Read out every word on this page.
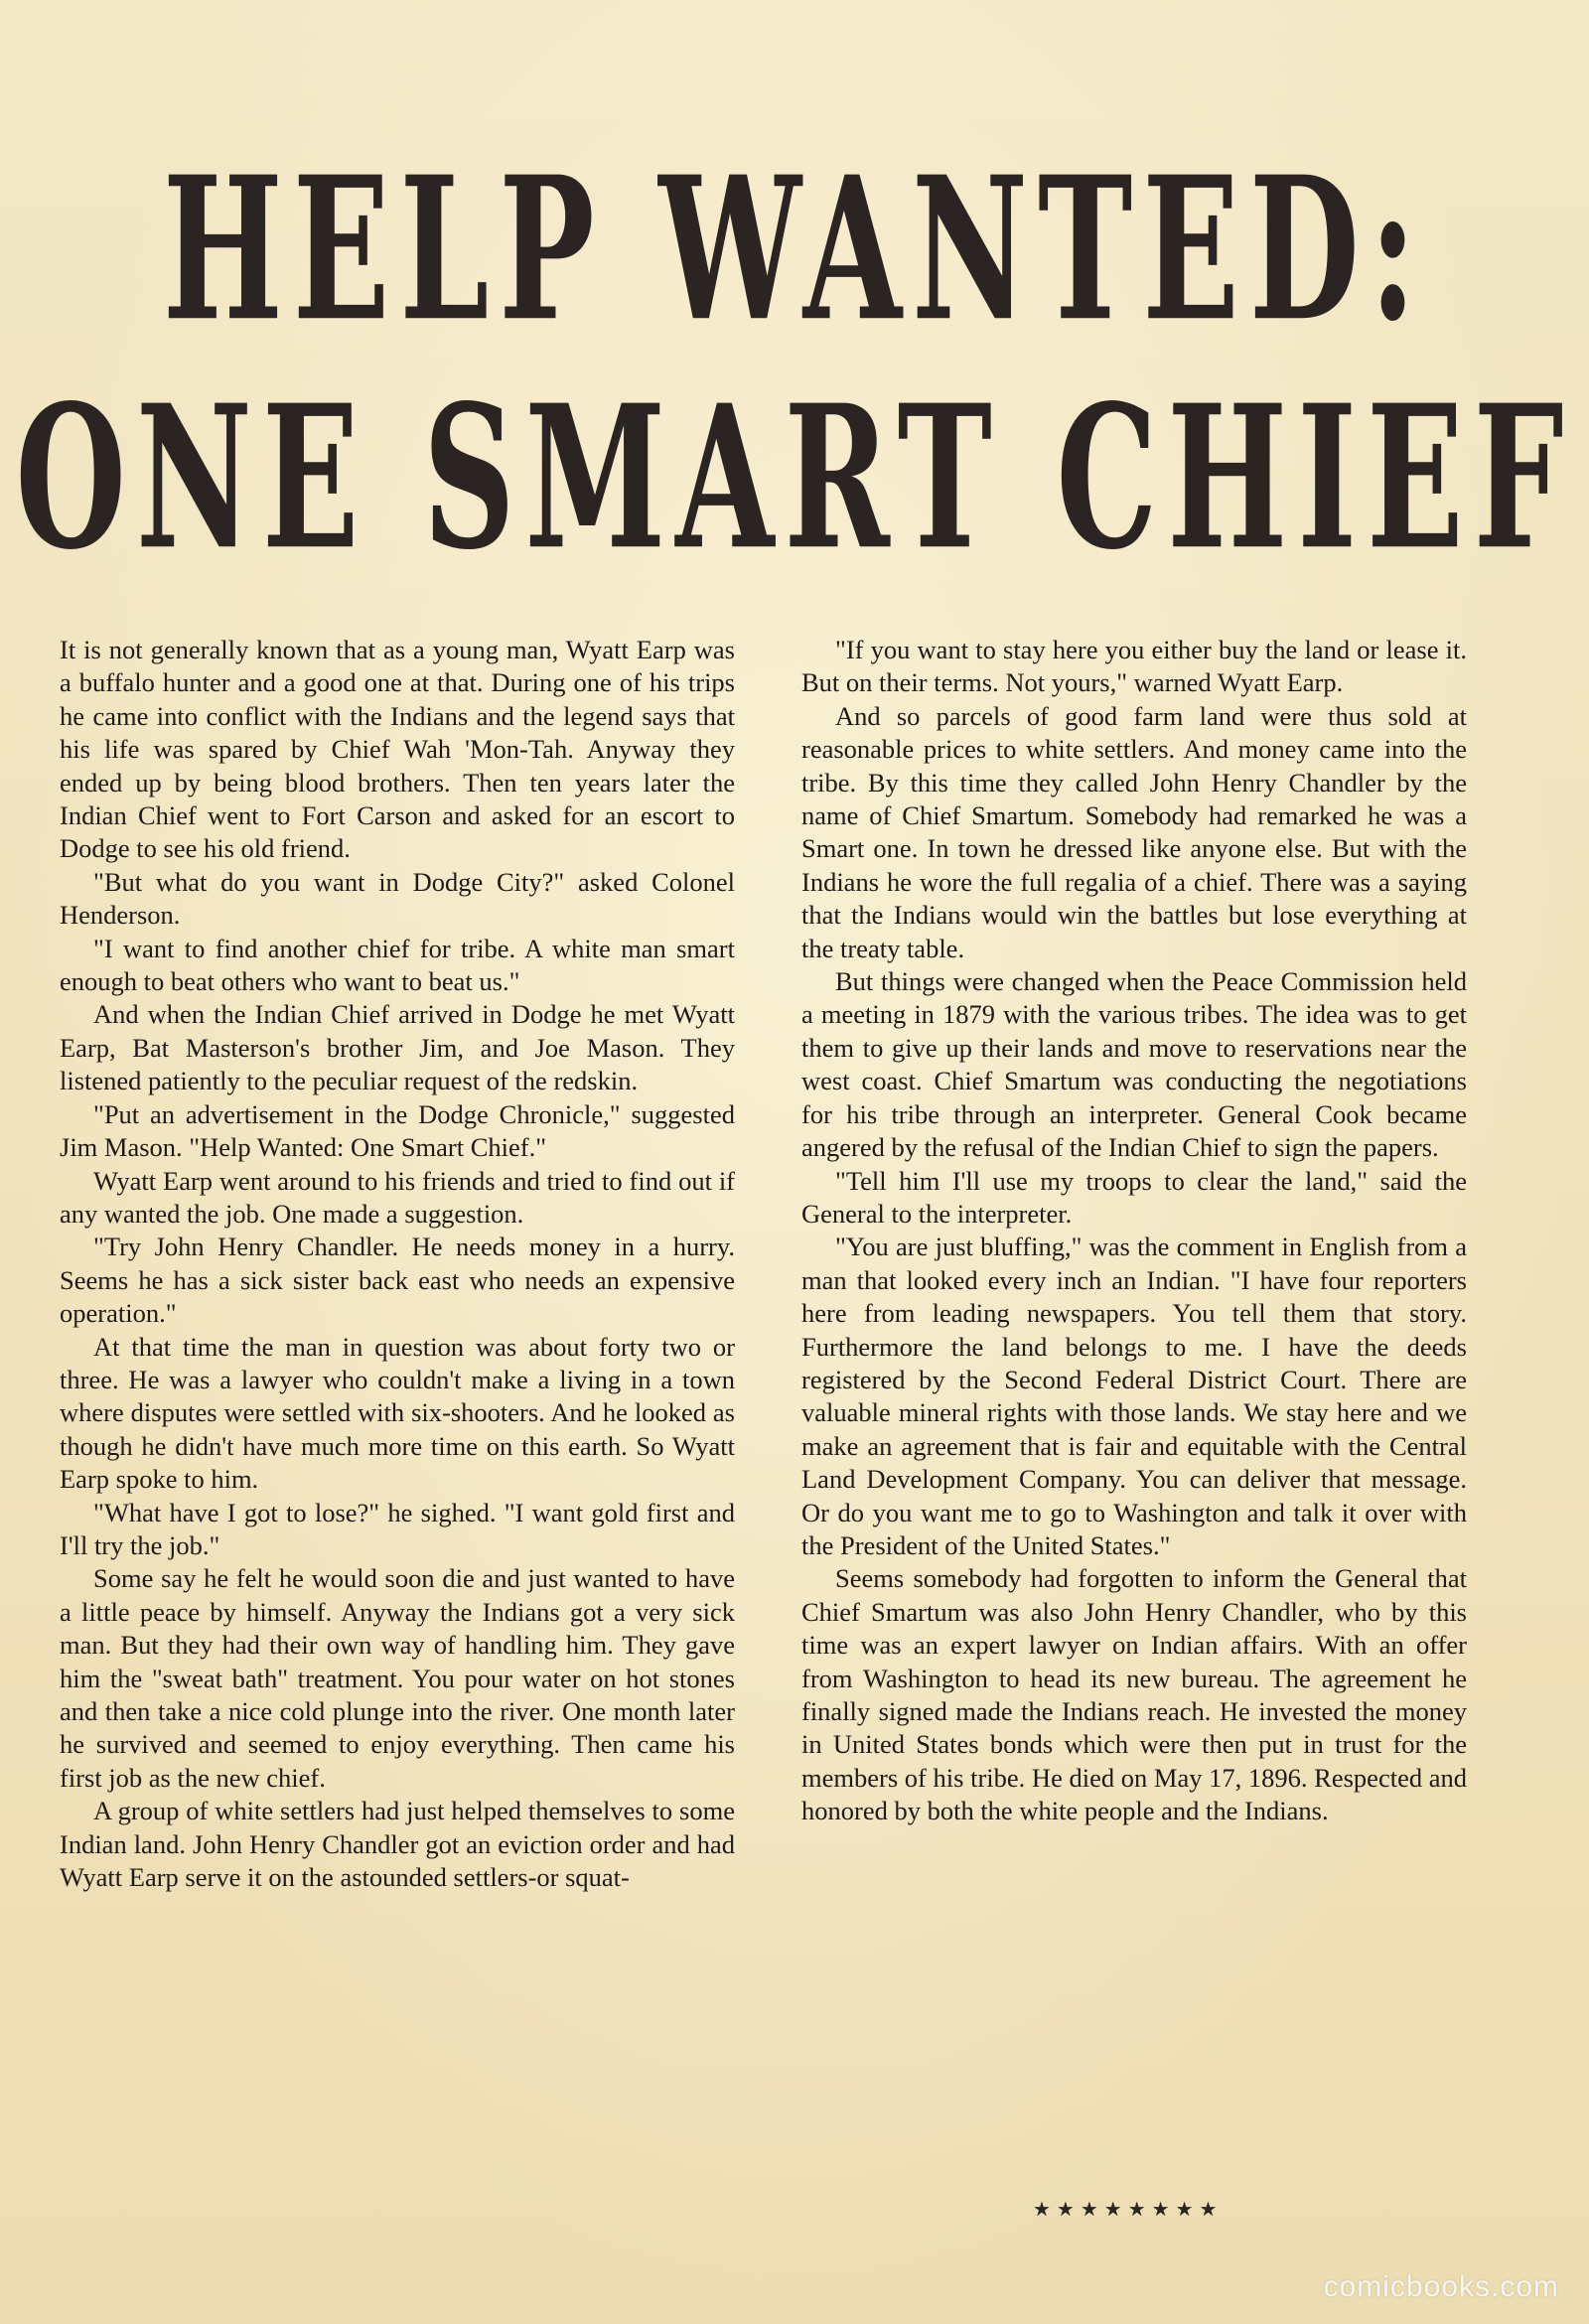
HELP WANTED:
ONE SMART CHIEF

It is not generally known that as a young man, Wyatt Earp was a buffalo hunter and a good one at that. During one of his trips he came into conflict with the Indians and the legend says that his life was spared by Chief Wah 'Mon-Tah. Anyway they ended up by being blood brothers. Then ten years later the Indian Chief went to Fort Carson and asked for an escort to Dodge to see his old friend.

"But what do you want in Dodge City?" asked Colonel Henderson.

"I want to find another chief for tribe. A white man smart enough to beat others who want to beat us."

And when the Indian Chief arrived in Dodge he met Wyatt Earp, Bat Masterson's brother Jim, and Joe Mason. They listened patiently to the peculiar request of the redskin.

"Put an advertisement in the Dodge Chronicle," suggested Jim Mason. "Help Wanted: One Smart Chief."

Wyatt Earp went around to his friends and tried to find out if any wanted the job. One made a suggestion.

"Try John Henry Chandler. He needs money in a hurry. Seems he has a sick sister back east who needs an expensive operation."

At that time the man in question was about forty two or three. He was a lawyer who couldn't make a living in a town where disputes were settled with six-shooters. And he looked as though he didn't have much more time on this earth. So Wyatt Earp spoke to him.

"What have I got to lose?" he sighed. "I want gold first and I'll try the job."

Some say he felt he would soon die and just wanted to have a little peace by himself. Anyway the Indians got a very sick man. But they had their own way of handling him. They gave him the "sweat bath" treatment. You pour water on hot stones and then take a nice cold plunge into the river. One month later he survived and seemed to enjoy everything. Then came his first job as the new chief.

A group of white settlers had just helped themselves to some Indian land. John Henry Chandler got an eviction order and had Wyatt Earp serve it on the astounded settlers-or squat-

"If you want to stay here you either buy the land or lease it. But on their terms. Not yours," warned Wyatt Earp.

And so parcels of good farm land were thus sold at reasonable prices to white settlers. And money came into the tribe. By this time they called John Henry Chandler by the name of Chief Smartum. Somebody had remarked he was a Smart one. In town he dressed like anyone else. But with the Indians he wore the full regalia of a chief. There was a saying that the Indians would win the battles but lose everything at the treaty table.

But things were changed when the Peace Commission held a meeting in 1879 with the various tribes. The idea was to get them to give up their lands and move to reservations near the west coast. Chief Smartum was conducting the negotiations for his tribe through an interpreter. General Cook became angered by the refusal of the Indian Chief to sign the papers.

"Tell him I'll use my troops to clear the land," said the General to the interpreter.

"You are just bluffing," was the comment in English from a man that looked every inch an Indian. "I have four reporters here from leading newspapers. You tell them that story. Furthermore the land belongs to me. I have the deeds registered by the Second Federal District Court. There are valuable mineral rights with those lands. We stay here and we make an agreement that is fair and equitable with the Central Land Development Company. You can deliver that message. Or do you want me to go to Washington and talk it over with the President of the United States."

Seems somebody had forgotten to inform the General that Chief Smartum was also John Henry Chandler, who by this time was an expert lawyer on Indian affairs. With an offer from Washington to head its new bureau. The agreement he finally signed made the Indians reach. He invested the money in United States bonds which were then put in trust for the members of his tribe. He died on May 17, 1896. Respected and honored by both the white people and the Indians.

★★★★★★★★
comicbooks.com
